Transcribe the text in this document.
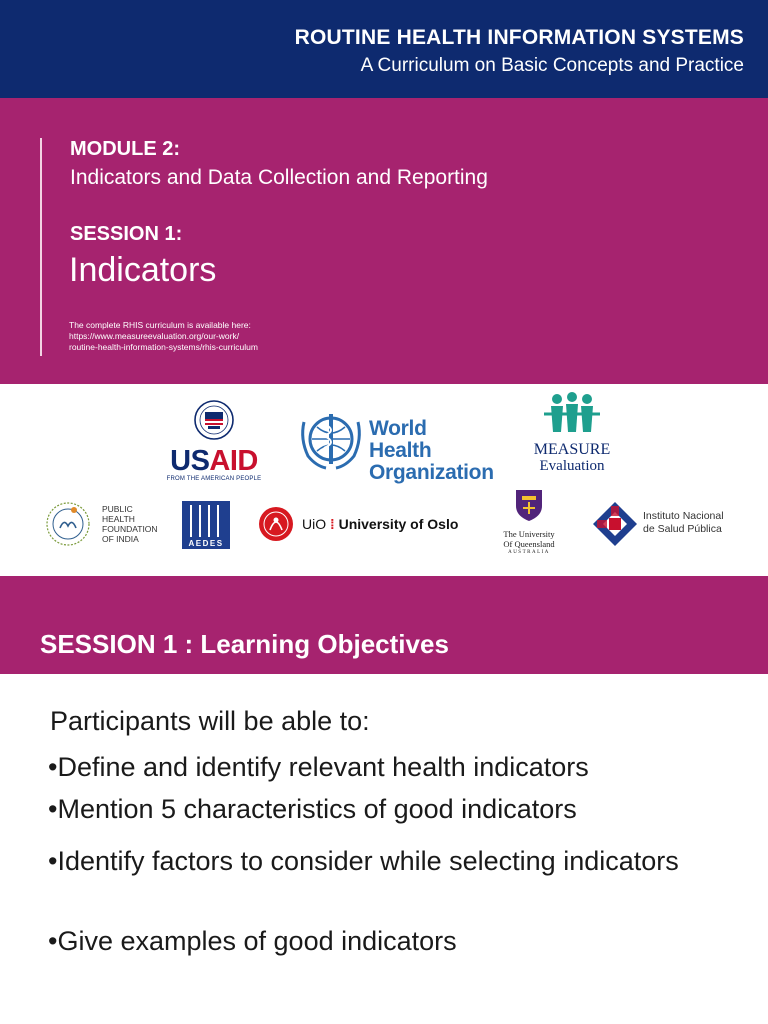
ROUTINE HEALTH INFORMATION SYSTEMS
A Curriculum on Basic Concepts and Practice
MODULE 2:
Indicators and Data Collection and Reporting
SESSION 1:
Indicators
The complete RHIS curriculum is available here:
https://www.measureevaluation.org/our-work/
routine-health-information-systems/rhis-curriculum
USAID
FROM THE AMERICAN PEOPLE
World Health
Organization
MEASURE
Evaluation
PUBLIC
HEALTH
FOUNDATION
OF INDIA	AEDES
UiO ⁞ University of Oslo
The University
Of Queensland
AUSTRALIA
Instituto Nacional
de Salud Pública
SESSION 1 : Learning Objectives
Participants will be able to:
•Define and identify relevant health indicators
•Mention 5 characteristics of good indicators
•Identify factors to consider while selecting indicators
•Give examples of good indicators
